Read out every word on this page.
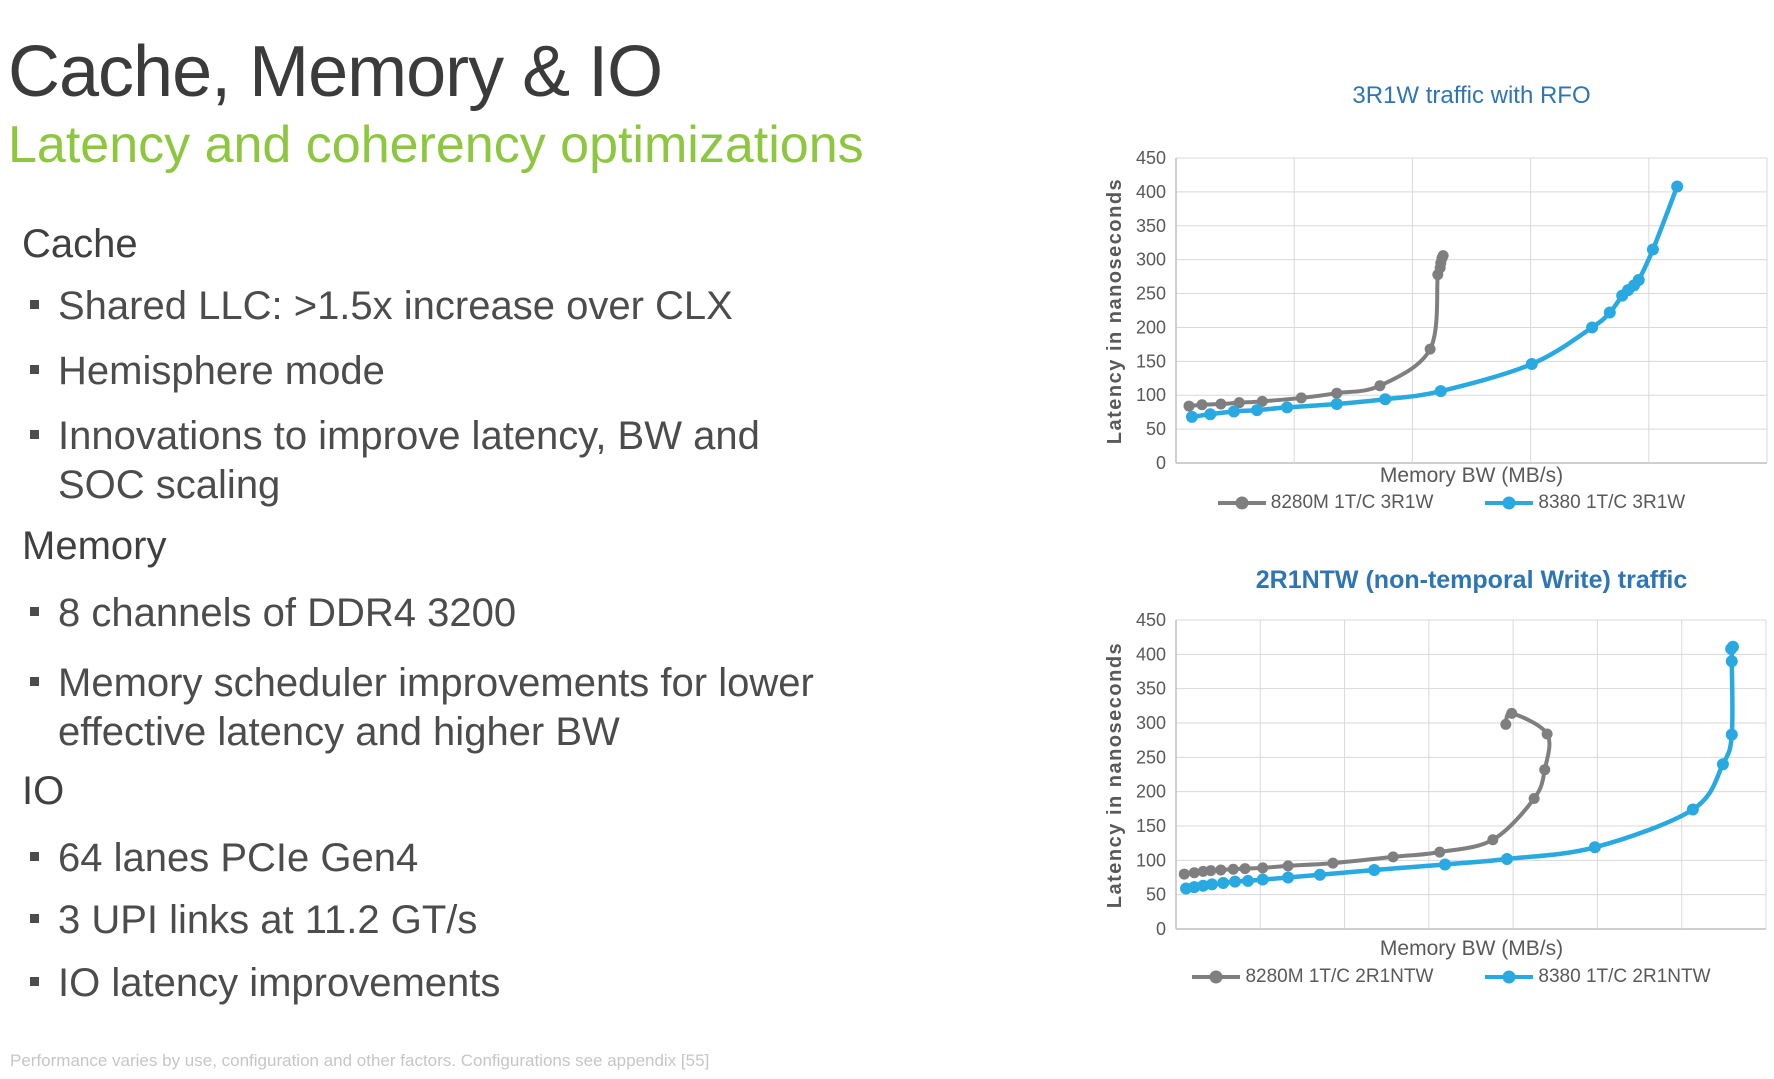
Cache, Memory & IO
Latency and coherency optimizations
Cache
Shared LLC: >1.5x increase over CLX
Hemisphere mode
Innovations to improve latency, BW and
SOC scaling
Memory
8 channels of DDR4 3200
Memory scheduler improvements for lower
effective latency and higher BW
IO
64 lanes PCIe Gen4
3 UPI links at 11.2 GT/s
IO latency improvements
Performance varies by use, configuration and other factors. Configurations see appendix [55]
0
50
100
150
200
250
300
350
400
450
3R1W traffic with RFO
Latency in nanoseconds
Memory BW (MB/s)
8280M 1T/C 3R1W	8380 1T/C 3R1W
0
50
100
150
200
250
300
350
400
450
2R1NTW (non-temporal Write) traffic
Latency in nanoseconds
Memory BW (MB/s)
8280M 1T/C 2R1NTW	8380 1T/C 2R1NTW
